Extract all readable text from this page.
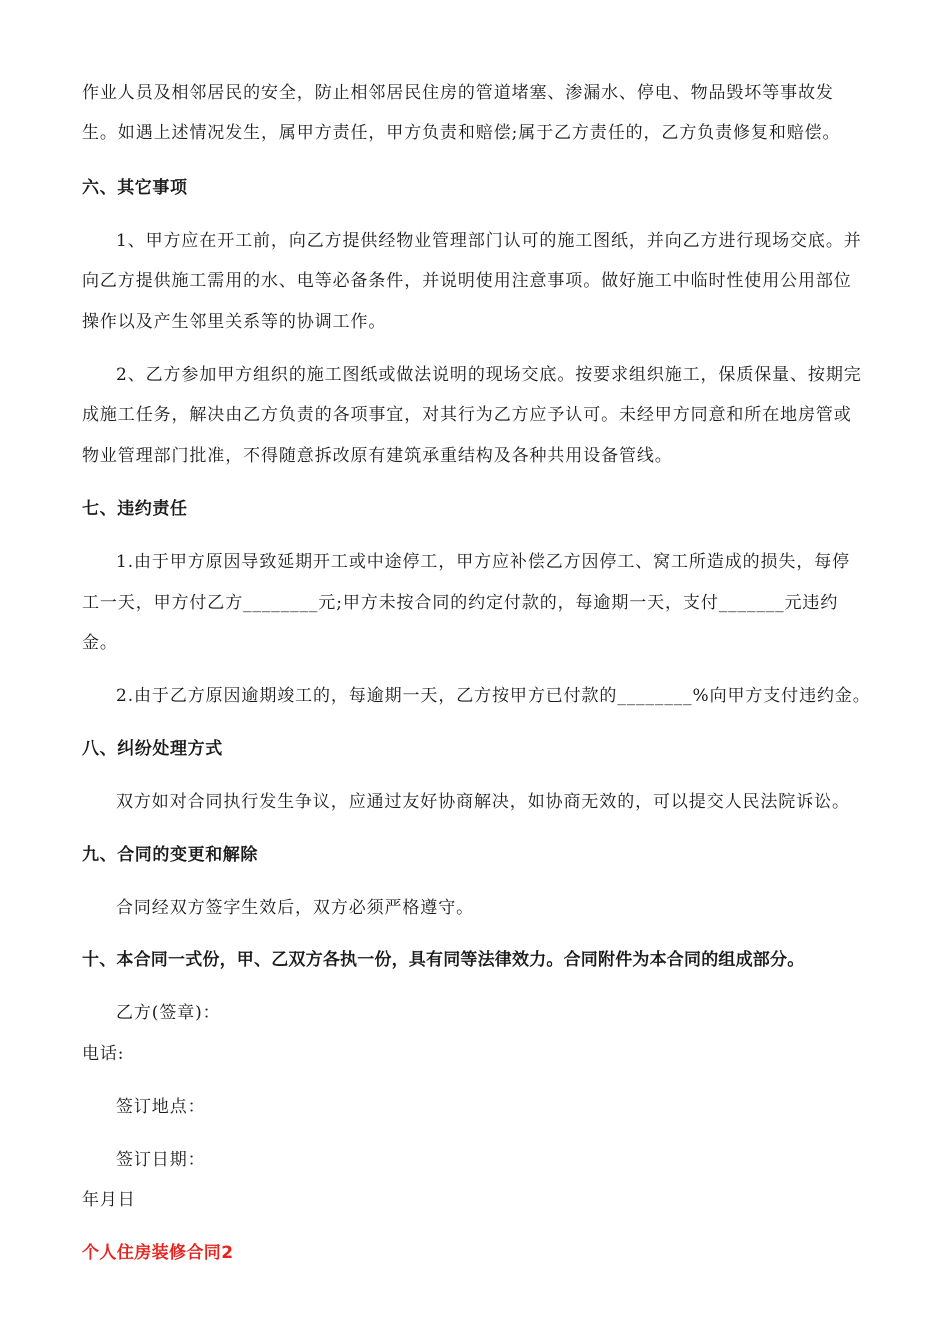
作业人员及相邻居民的安全，防止相邻居民住房的管道堵塞、渗漏水、停电、物品毁坏等事故发
生。如遇上述情况发生，属甲方责任，甲方负责和赔偿;属于乙方责任的，乙方负责修复和赔偿。
六、其它事项
1、甲方应在开工前，向乙方提供经物业管理部门认可的施工图纸，并向乙方进行现场交底。并
向乙方提供施工需用的水、电等必备条件，并说明使用注意事项。做好施工中临时性使用公用部位
操作以及产生邻里关系等的协调工作。
2、乙方参加甲方组织的施工图纸或做法说明的现场交底。按要求组织施工，保质保量、按期完
成施工任务，解决由乙方负责的各项事宜，对其行为乙方应予认可。未经甲方同意和所在地房管或
物业管理部门批准，不得随意拆改原有建筑承重结构及各种共用设备管线。
七、违约责任
1.由于甲方原因导致延期开工或中途停工，甲方应补偿乙方因停工、窝工所造成的损失，每停
工一天，甲方付乙方________元;甲方未按合同的约定付款的，每逾期一天，支付_______元违约
金。
2.由于乙方原因逾期竣工的，每逾期一天，乙方按甲方已付款的________%向甲方支付违约金。
八、纠纷处理方式
双方如对合同执行发生争议，应通过友好协商解决，如协商无效的，可以提交人民法院诉讼。
九、合同的变更和解除
合同经双方签字生效后，双方必须严格遵守。
十、本合同一式份，甲、乙双方各执一份，具有同等法律效力。合同附件为本合同的组成部分。
乙方(签章)：
电话:
签订地点：
签订日期：
年月日
个人住房装修合同2
